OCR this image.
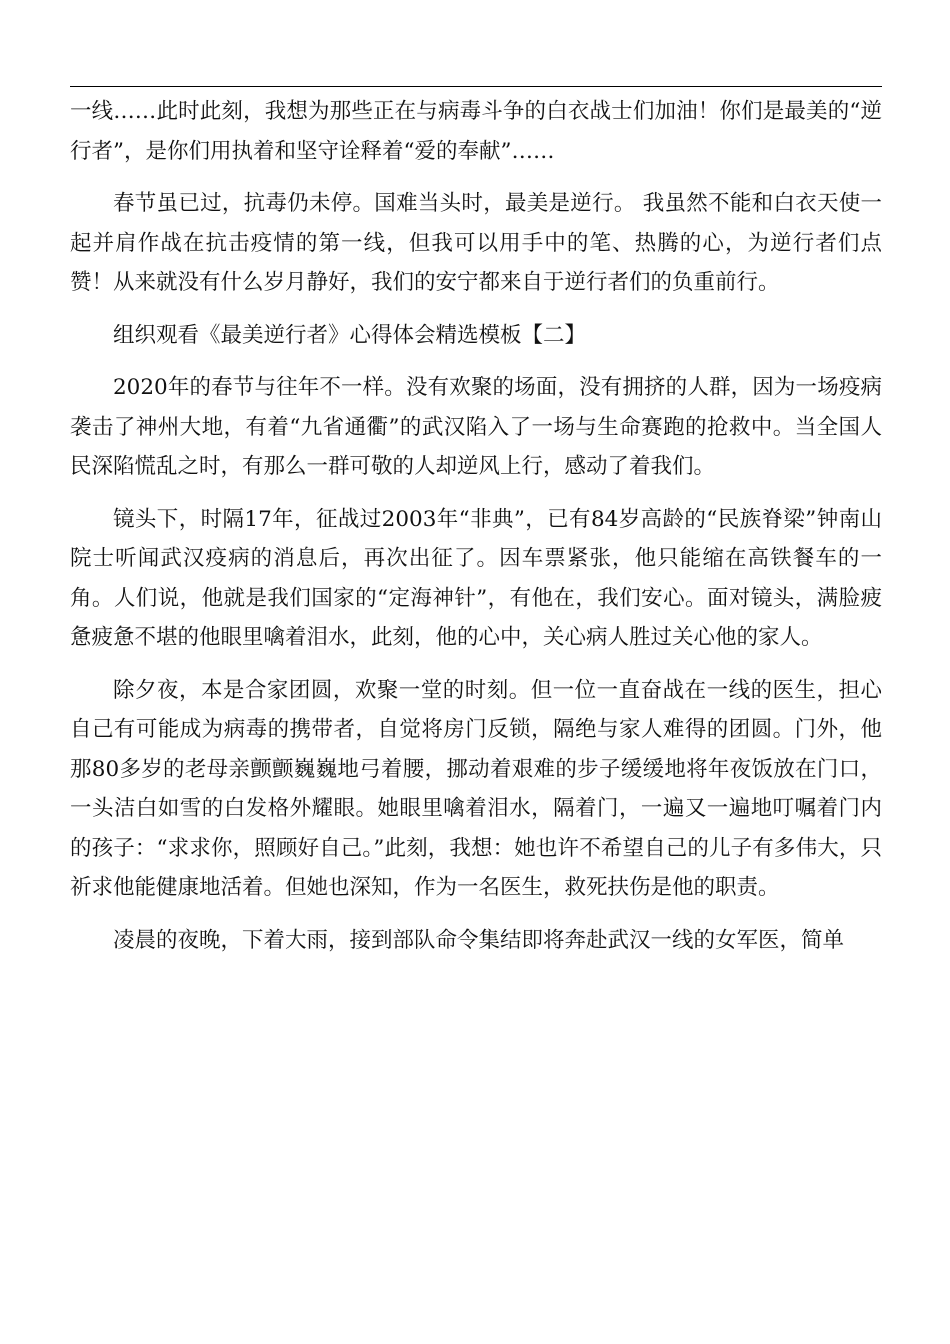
一线……此时此刻，我想为那些正在与病毒斗争的白衣战士们加油！你们是最美的“逆行者”，是你们用执着和坚守诠释着“爱的奉献”……

春节虽已过，抗毒仍未停。国难当头时，最美是逆行。 我虽然不能和白衣天使一起并肩作战在抗击疫情的第一线，但我可以用手中的笔、热腾的心，为逆行者们点赞！从来就没有什么岁月静好，我们的安宁都来自于逆行者们的负重前行。

组织观看《最美逆行者》心得体会精选模板【二】

2020年的春节与往年不一样。没有欢聚的场面，没有拥挤的人群，因为一场疫病袭击了神州大地，有着“九省通衢”的武汉陷入了一场与生命赛跑的抢救中。当全国人民深陷慌乱之时，有那么一群可敬的人却逆风上行，感动了着我们。

镜头下，时隔17年，征战过2003年“非典”，已有84岁高龄的“民族脊梁”钟南山院士听闻武汉疫病的消息后，再次出征了。因车票紧张，他只能缩在高铁餐车的一角。人们说，他就是我们国家的“定海神针”，有他在，我们安心。面对镜头，满脸疲惫疲惫不堪的他眼里噙着泪水，此刻，他的心中，关心病人胜过关心他的家人。

除夕夜，本是合家团圆，欢聚一堂的时刻。但一位一直奋战在一线的医生，担心自己有可能成为病毒的携带者，自觉将房门反锁，隔绝与家人难得的团圆。门外，他那80多岁的老母亲颤颤巍巍地弓着腰，挪动着艰难的步子缓缓地将年夜饭放在门口，一头洁白如雪的白发格外耀眼。她眼里噙着泪水，隔着门，一遍又一遍地叮嘱着门内的孩子：“求求你，照顾好自己。”此刻，我想：她也许不希望自己的儿子有多伟大，只祈求他能健康地活着。但她也深知，作为一名医生，救死扶伤是他的职责。

凌晨的夜晚，下着大雨，接到部队命令集结即将奔赴武汉一线的女军医，简单
